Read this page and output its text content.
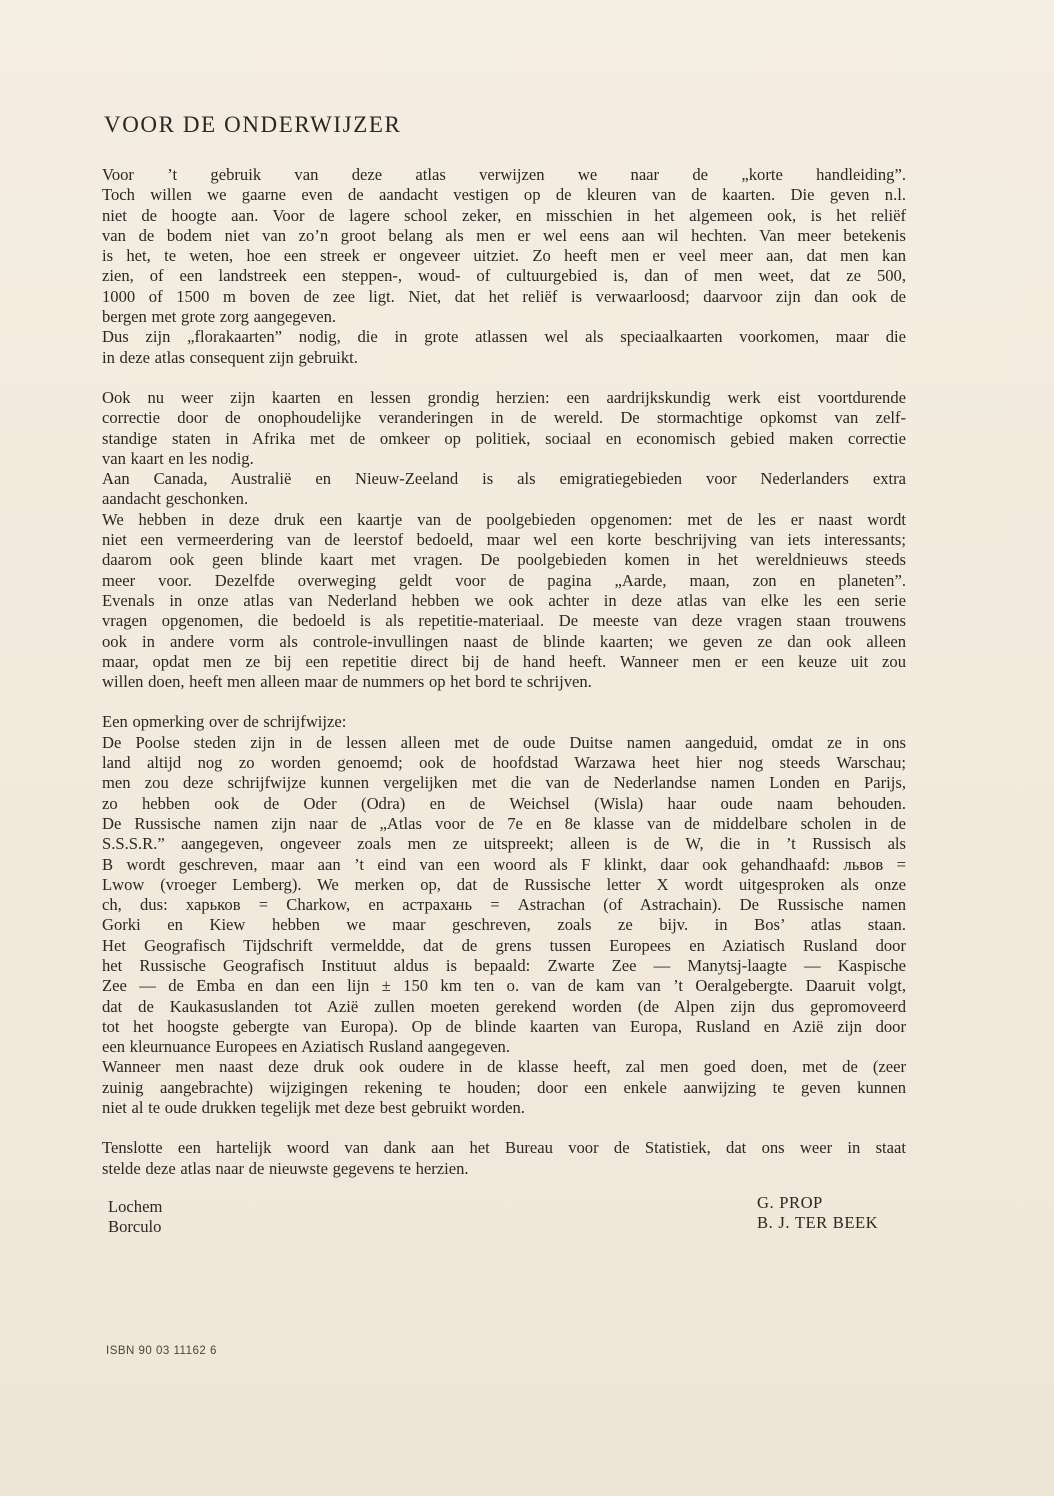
VOOR DE ONDERWIJZER
Voor ’t gebruik van deze atlas verwijzen we naar de „korte handleiding”.
Toch willen we gaarne even de aandacht vestigen op de kleuren van de kaarten. Die geven n.l.
niet de hoogte aan. Voor de lagere school zeker, en misschien in het algemeen ook, is het reliëf
van de bodem niet van zo’n groot belang als men er wel eens aan wil hechten. Van meer betekenis
is het, te weten, hoe een streek er ongeveer uitziet. Zo heeft men er veel meer aan, dat men kan
zien, of een landstreek een steppen-, woud- of cultuurgebied is, dan of men weet, dat ze 500,
1000 of 1500 m boven de zee ligt. Niet, dat het reliëf is verwaarloosd; daarvoor zijn dan ook de
bergen met grote zorg aangegeven.
Dus zijn „florakaarten” nodig, die in grote atlassen wel als speciaalkaarten voorkomen, maar die
in deze atlas consequent zijn gebruikt.
Ook nu weer zijn kaarten en lessen grondig herzien: een aardrijkskundig werk eist voortdurende
correctie door de onophoudelijke veranderingen in de wereld. De stormachtige opkomst van zelf-
standige staten in Afrika met de omkeer op politiek, sociaal en economisch gebied maken correctie
van kaart en les nodig.
Aan Canada, Australië en Nieuw-Zeeland is als emigratiegebieden voor Nederlanders extra
aandacht geschonken.
We hebben in deze druk een kaartje van de poolgebieden opgenomen: met de les er naast wordt
niet een vermeerdering van de leerstof bedoeld, maar wel een korte beschrijving van iets interessants;
daarom ook geen blinde kaart met vragen. De poolgebieden komen in het wereldnieuws steeds
meer voor. Dezelfde overweging geldt voor de pagina „Aarde, maan, zon en planeten”.
Evenals in onze atlas van Nederland hebben we ook achter in deze atlas van elke les een serie
vragen opgenomen, die bedoeld is als repetitie-materiaal. De meeste van deze vragen staan trouwens
ook in andere vorm als controle-invullingen naast de blinde kaarten; we geven ze dan ook alleen
maar, opdat men ze bij een repetitie direct bij de hand heeft. Wanneer men er een keuze uit zou
willen doen, heeft men alleen maar de nummers op het bord te schrijven.
Een opmerking over de schrijfwijze:
De Poolse steden zijn in de lessen alleen met de oude Duitse namen aangeduid, omdat ze in ons
land altijd nog zo worden genoemd; ook de hoofdstad Warzawa heet hier nog steeds Warschau;
men zou deze schrijfwijze kunnen vergelijken met die van de Nederlandse namen Londen en Parijs,
zo hebben ook de Oder (Odra) en de Weichsel (Wisla) haar oude naam behouden.
De Russische namen zijn naar de „Atlas voor de 7e en 8e klasse van de middelbare scholen in de
S.S.S.R.” aangegeven, ongeveer zoals men ze uitspreekt; alleen is de W, die in ’t Russisch als
B wordt geschreven, maar aan ’t eind van een woord als F klinkt, daar ook gehandhaafd: львов =
Lwow (vroeger Lemberg). We merken op, dat de Russische letter X wordt uitgesproken als onze
ch, dus: харьков = Charkow, en астрахань = Astrachan (of Astrachain). De Russische namen
Gorki en Kiew hebben we maar geschreven, zoals ze bijv. in Bos’ atlas staan.
Het Geografisch Tijdschrift vermeldde, dat de grens tussen Europees en Aziatisch Rusland door
het Russische Geografisch Instituut aldus is bepaald: Zwarte Zee — Manytsj-laagte — Kaspische
Zee — de Emba en dan een lijn ± 150 km ten o. van de kam van ’t Oeralgebergte. Daaruit volgt,
dat de Kaukasuslanden tot Azië zullen moeten gerekend worden (de Alpen zijn dus gepromoveerd
tot het hoogste gebergte van Europa). Op de blinde kaarten van Europa, Rusland en Azië zijn door
een kleurnuance Europees en Aziatisch Rusland aangegeven.
Wanneer men naast deze druk ook oudere in de klasse heeft, zal men goed doen, met de (zeer
zuinig aangebrachte) wijzigingen rekening te houden; door een enkele aanwijzing te geven kunnen
niet al te oude drukken tegelijk met deze best gebruikt worden.
Tenslotte een hartelijk woord van dank aan het Bureau voor de Statistiek, dat ons weer in staat
stelde deze atlas naar de nieuwste gegevens te herzien.
Lochem
Borculo
G. PROP
B. J. TER BEEK
ISBN 90 03 11162 6
